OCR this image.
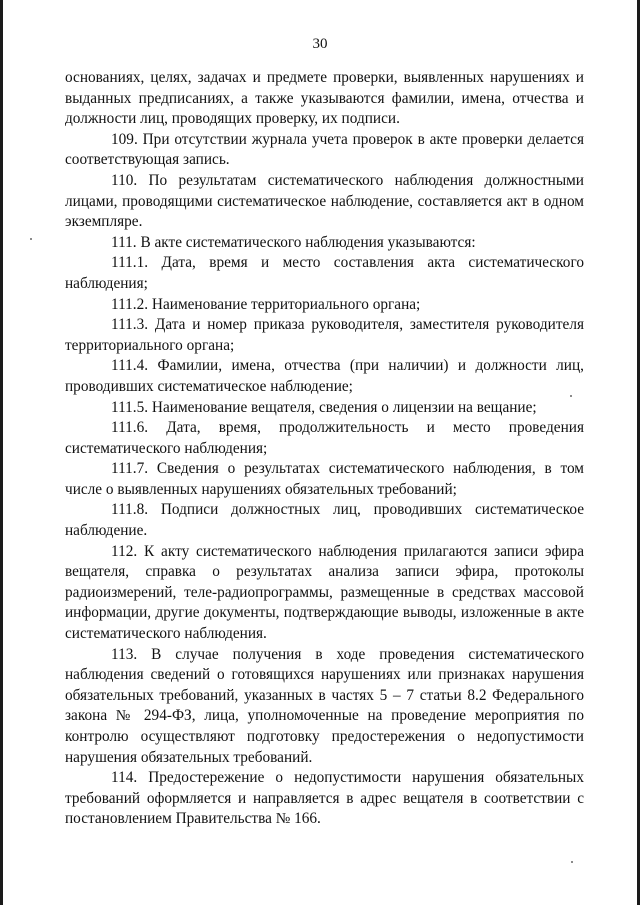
30

основаниях, целях, задачах и предмете проверки, выявленных нарушениях и выданных предписаниях, а также указываются фамилии, имена, отчества и должности лиц, проводящих проверку, их подписи.

109. При отсутствии журнала учета проверок в акте проверки делается соответствующая запись.

110. По результатам систематического наблюдения должностными лицами, проводящими систематическое наблюдение, составляется акт в одном экземпляре.

111. В акте систематического наблюдения указываются:

111.1. Дата, время и место составления акта систематического наблюдения;

111.2. Наименование территориального органа;

111.3. Дата и номер приказа руководителя, заместителя руководителя территориального органа;

111.4. Фамилии, имена, отчества (при наличии) и должности лиц, проводивших систематическое наблюдение;

111.5. Наименование вещателя, сведения о лицензии на вещание;

111.6. Дата, время, продолжительность и место проведения систематического наблюдения;

111.7. Сведения о результатах систематического наблюдения, в том числе о выявленных нарушениях обязательных требований;

111.8. Подписи должностных лиц, проводивших систематическое наблюдение.

112. К акту систематического наблюдения прилагаются записи эфира вещателя, справка о результатах анализа записи эфира, протоколы радиоизмерений, теле-радиопрограммы, размещенные в средствах массовой информации, другие документы, подтверждающие выводы, изложенные в акте систематического наблюдения.

113. В случае получения в ходе проведения систематического наблюдения сведений о готовящихся нарушениях или признаках нарушения обязательных требований, указанных в частях 5 – 7 статьи 8.2 Федерального закона № 294-ФЗ, лица, уполномоченные на проведение мероприятия по контролю осуществляют подготовку предостережения о недопустимости нарушения обязательных требований.

114. Предостережение о недопустимости нарушения обязательных требований оформляется и направляется в адрес вещателя в соответствии с постановлением Правительства № 166.
